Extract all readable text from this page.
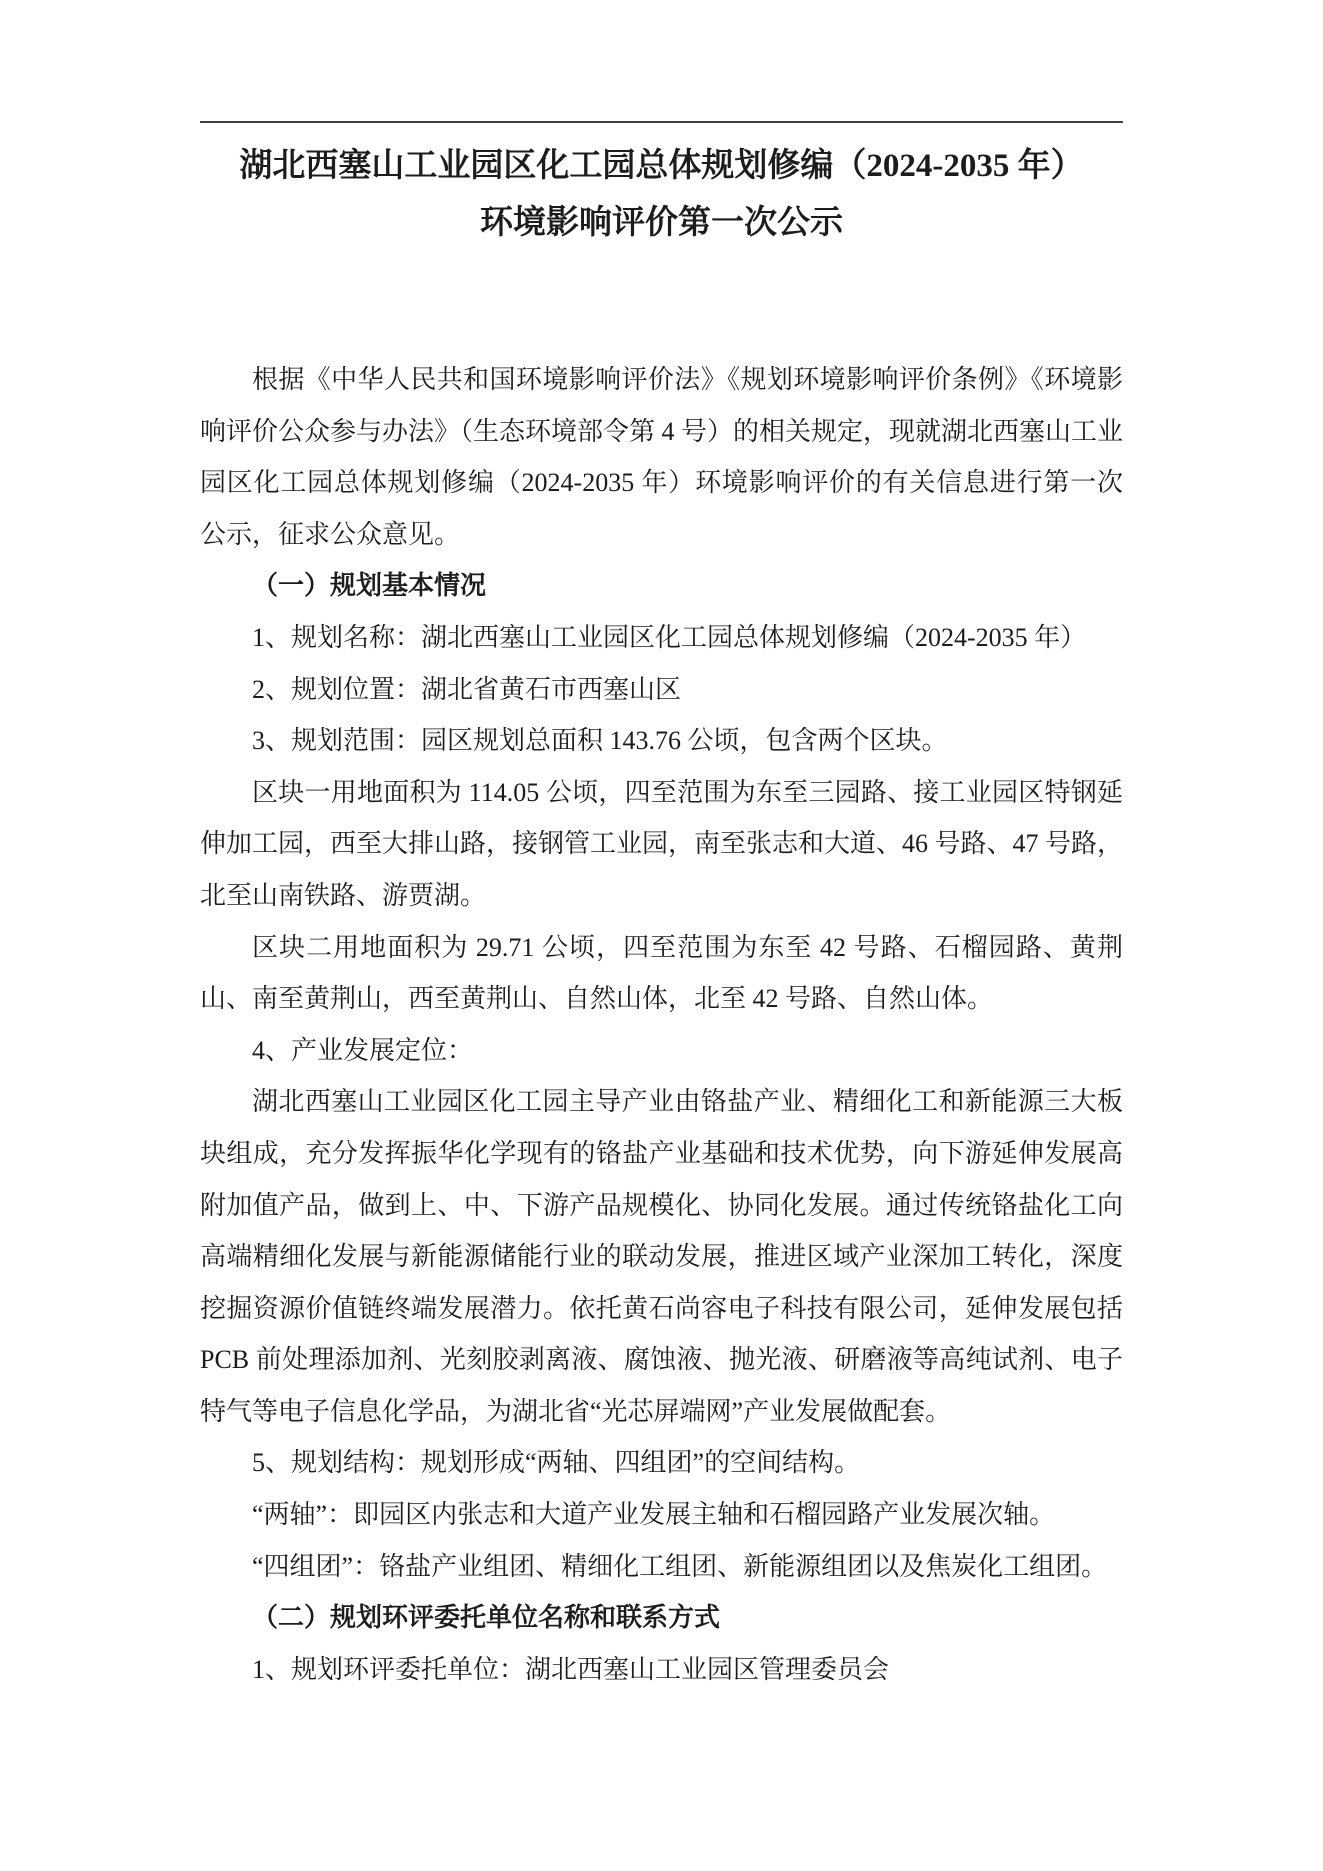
湖北西塞山工业园区化工园总体规划修编（2024-2035 年）
环境影响评价第一次公示

根据《中华人民共和国环境影响评价法》《规划环境影响评价条例》《环境影响评价公众参与办法》（生态环境部令第 4 号）的相关规定，现就湖北西塞山工业园区化工园总体规划修编（2024-2035 年）环境影响评价的有关信息进行第一次公示，征求公众意见。

（一）规划基本情况

1、规划名称：湖北西塞山工业园区化工园总体规划修编（2024-2035 年）

2、规划位置：湖北省黄石市西塞山区

3、规划范围：园区规划总面积 143.76 公顷，包含两个区块。

区块一用地面积为 114.05 公顷，四至范围为东至三园路、接工业园区特钢延伸加工园，西至大排山路，接钢管工业园，南至张志和大道、46 号路、47 号路，北至山南铁路、游贾湖。

区块二用地面积为 29.71 公顷，四至范围为东至 42 号路、石榴园路、黄荆山、南至黄荆山，西至黄荆山、自然山体，北至 42 号路、自然山体。

4、产业发展定位：

湖北西塞山工业园区化工园主导产业由铬盐产业、精细化工和新能源三大板块组成，充分发挥振华化学现有的铬盐产业基础和技术优势，向下游延伸发展高附加值产品，做到上、中、下游产品规模化、协同化发展。通过传统铬盐化工向高端精细化发展与新能源储能行业的联动发展，推进区域产业深加工转化，深度挖掘资源价值链终端发展潜力。依托黄石尚容电子科技有限公司，延伸发展包括 PCB 前处理添加剂、光刻胶剥离液、腐蚀液、抛光液、研磨液等高纯试剂、电子特气等电子信息化学品，为湖北省“光芯屏端网”产业发展做配套。

5、规划结构：规划形成“两轴、四组团”的空间结构。

“两轴”：即园区内张志和大道产业发展主轴和石榴园路产业发展次轴。

“四组团”：铬盐产业组团、精细化工组团、新能源组团以及焦炭化工组团。

（二）规划环评委托单位名称和联系方式

1、规划环评委托单位：湖北西塞山工业园区管理委员会
